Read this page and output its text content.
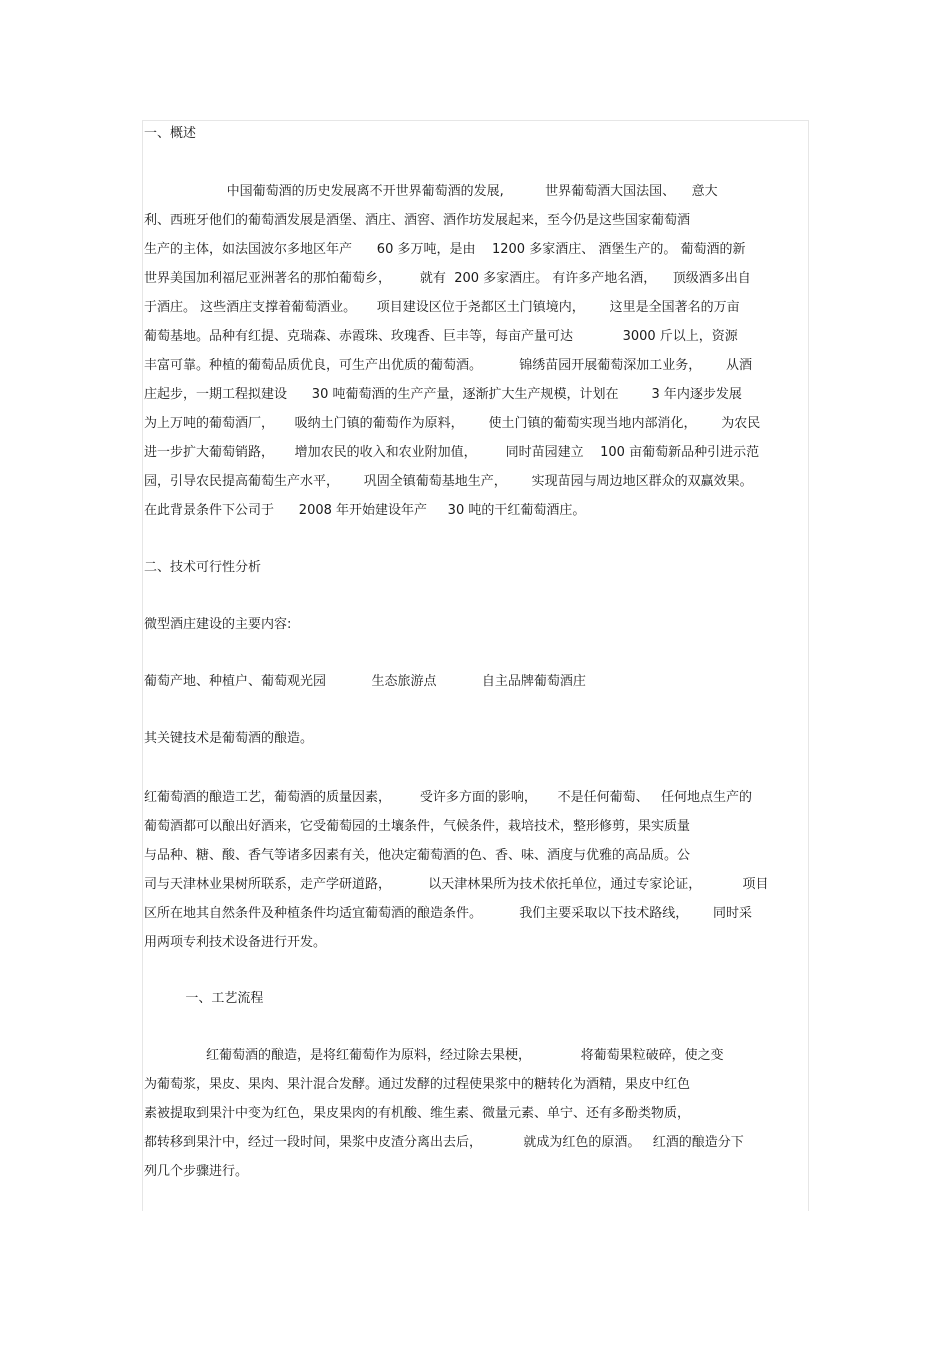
一、概述
中国葡萄酒的历史发展离不开世界葡萄酒的发展,          世界葡萄酒大国法国、    意大
利、西班牙他们的葡萄酒发展是酒堡、酒庄、酒窖、酒作坊发展起来，至今仍是这些国家葡萄酒
生产的主体，如法国波尔多地区年产      60 多万吨，是由    1200 多家酒庄、 酒堡生产的。 葡萄酒的新
世界美国加利福尼亚洲著名的那怕葡萄乡，       就有  200 多家酒庄。 有许多产地名酒，    顶级酒多出自
于酒庄。 这些酒庄支撑着葡萄酒业。     项目建设区位于尧都区土门镇境内，      这里是全国著名的万亩
葡萄基地。品种有红提、克瑞森、赤霞珠、玫瑰香、巨丰等，每亩产量可达            3000 斤以上，资源
丰富可靠。种植的葡萄品质优良，可生产出优质的葡萄酒。         锦绣苗园开展葡萄深加工业务，      从酒
庄起步，一期工程拟建设      30 吨葡萄酒的生产产量，逐渐扩大生产规模，计划在        3 年内逐步发展
为上万吨的葡萄酒厂，     吸纳土门镇的葡萄作为原料，      使土门镇的葡萄实现当地内部消化，      为农民
进一步扩大葡萄销路，     增加农民的收入和农业附加值，       同时苗园建立    100 亩葡萄新品种引进示范
园，引导农民提高葡萄生产水平，      巩固全镇葡萄基地生产，      实现苗园与周边地区群众的双赢效果。
在此背景条件下公司于      2008 年开始建设年产     30 吨的干红葡萄酒庄。
二、技术可行性分析
微型酒庄建设的主要内容:
葡萄产地、种植户、葡萄观光园           生态旅游点           自主品牌葡萄酒庄
其关键技术是葡萄酒的酿造。
红葡萄酒的酿造工艺，葡萄酒的质量因素，       受许多方面的影响，     不是任何葡萄、   任何地点生产的
葡萄酒都可以酿出好酒来，它受葡萄园的土壤条件，气候条件，栽培技术，整形修剪，果实质量
与品种、糖、酸、香气等诸多因素有关，他决定葡萄酒的色、香、味、酒度与优雅的高品质。公
司与天津林业果树所联系，走产学研道路，         以天津林果所为技术依托单位，通过专家论证，          项目
区所在地其自然条件及种植条件均适宜葡萄酒的酿造条件。         我们主要采取以下技术路线，      同时采
用两项专利技术设备进行开发。
一、工艺流程
红葡萄酒的酿造，是将红葡萄作为原料，经过除去果梗，            将葡萄果粒破碎，使之变
为葡萄浆，果皮、果肉、果汁混合发酵。通过发酵的过程使果浆中的糖转化为酒精，果皮中红色
素被提取到果汁中变为红色，果皮果肉的有机酸、维生素、微量元素、单宁、还有多酚类物质，
都转移到果汁中，经过一段时间，果浆中皮渣分离出去后，          就成为红色的原酒。   红酒的酿造分下
列几个步骤进行。
